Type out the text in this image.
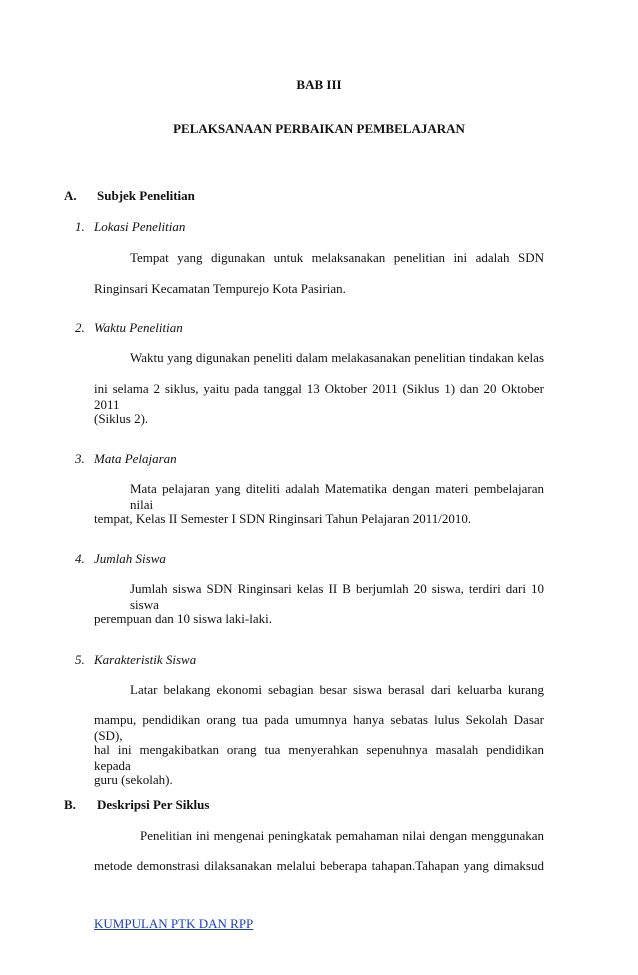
BAB III
PELAKSANAAN PERBAIKAN PEMBELAJARAN
A. Subjek Penelitian
1. Lokasi Penelitian
Tempat yang digunakan untuk melaksanakan penelitian ini adalah SDN
Ringinsari Kecamatan Tempurejo Kota Pasirian.
2. Waktu Penelitian
Waktu yang digunakan peneliti dalam melakasanakan penelitian tindakan kelas
ini selama 2 siklus, yaitu pada tanggal 13 Oktober 2011 (Siklus 1) dan 20 Oktober 2011
(Siklus 2).
3. Mata Pelajaran
Mata pelajaran yang diteliti adalah Matematika dengan materi pembelajaran nilai
tempat, Kelas II Semester I SDN Ringinsari Tahun Pelajaran 2011/2010.
4. Jumlah Siswa
Jumlah siswa SDN Ringinsari kelas II B berjumlah 20 siswa, terdiri dari 10 siswa
perempuan dan 10 siswa laki-laki.
5. Karakteristik Siswa
Latar belakang ekonomi sebagian besar siswa berasal dari keluarba kurang
mampu, pendidikan orang tua pada umumnya hanya sebatas lulus Sekolah Dasar (SD),
hal ini mengakibatkan orang tua menyerahkan sepenuhnya masalah pendidikan kepada
guru (sekolah).
B. Deskripsi Per Siklus
Penelitian ini mengenai peningkatak pemahaman nilai dengan menggunakan
metode demonstrasi dilaksanakan melalui beberapa tahapan.Tahapan yang dimaksud
KUMPULAN PTK DAN RPP
